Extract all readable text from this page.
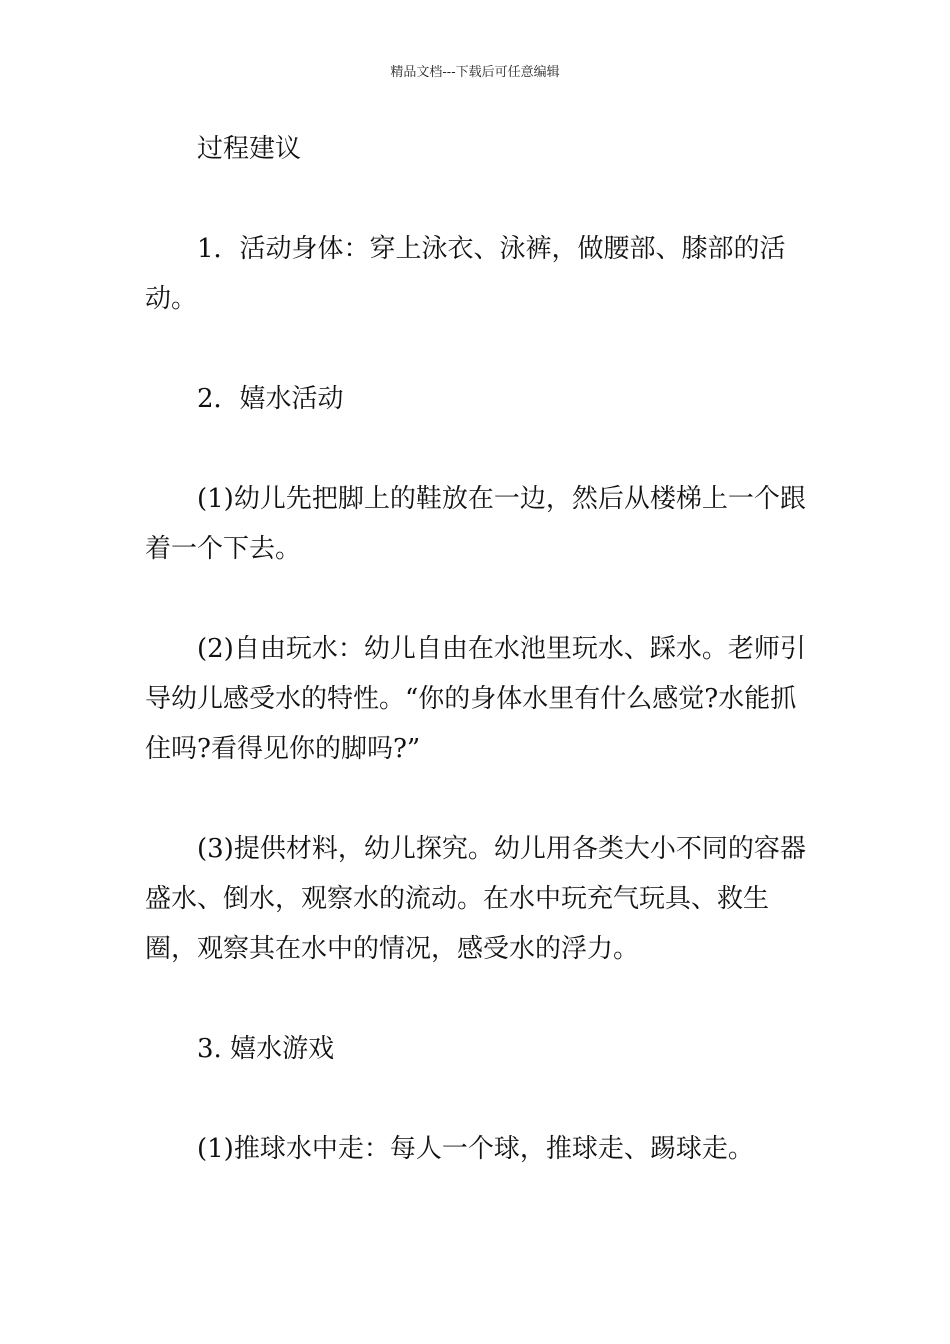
精品文档---下载后可任意编辑

过程建议

1．活动身体：穿上泳衣、泳裤，做腰部、膝部的活动。

2．嬉水活动

(1)幼儿先把脚上的鞋放在一边，然后从楼梯上一个跟着一个下去。

(2)自由玩水：幼儿自由在水池里玩水、踩水。老师引导幼儿感受水的特性。“你的身体水里有什么感觉?水能抓住吗?看得见你的脚吗?”

(3)提供材料，幼儿探究。幼儿用各类大小不同的容器盛水、倒水，观察水的流动。在水中玩充气玩具、救生圈，观察其在水中的情况，感受水的浮力。

3. 嬉水游戏

(1)推球水中走：每人一个球，推球走、踢球走。
